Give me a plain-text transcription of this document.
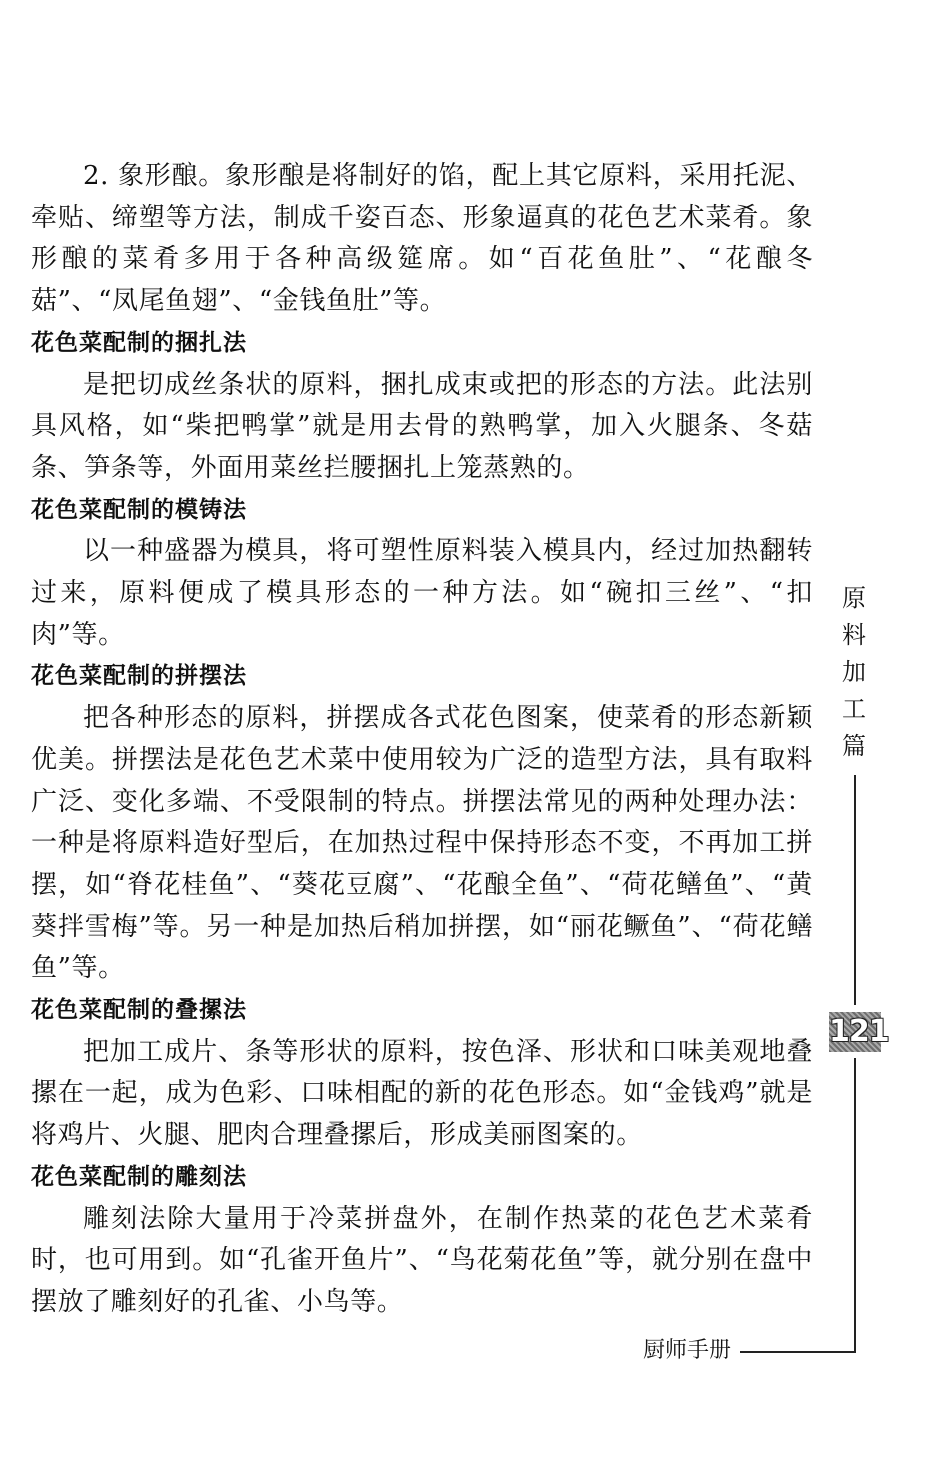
2. 象形酿。象形酿是将制好的馅，配上其它原料，采用托泥、牵贴、缔塑等方法，制成千姿百态、形象逼真的花色艺术菜肴。象形酿的菜肴多用于各种高级筵席。如“百花鱼肚”、“花酿冬菇”、“凤尾鱼翅”、“金钱鱼肚”等。

花色菜配制的捆扎法

是把切成丝条状的原料，捆扎成束或把的形态的方法。此法别具风格，如“柴把鸭掌”就是用去骨的熟鸭掌，加入火腿条、冬菇条、笋条等，外面用菜丝拦腰捆扎上笼蒸熟的。

花色菜配制的模铸法

以一种盛器为模具，将可塑性原料装入模具内，经过加热翻转过来，原料便成了模具形态的一种方法。如“碗扣三丝”、“扣肉”等。

花色菜配制的拼摆法

把各种形态的原料，拼摆成各式花色图案，使菜肴的形态新颖优美。拼摆法是花色艺术菜中使用较为广泛的造型方法，具有取料广泛、变化多端、不受限制的特点。拼摆法常见的两种处理办法：一种是将原料造好型后，在加热过程中保持形态不变，不再加工拼摆，如“脊花桂鱼”、“葵花豆腐”、“花酿全鱼”、“荷花鳝鱼”、“黄葵拌雪梅”等。另一种是加热后稍加拼摆，如“丽花鳜鱼”、“荷花鳝鱼”等。

花色菜配制的叠摞法

把加工成片、条等形状的原料，按色泽、形状和口味美观地叠摞在一起，成为色彩、口味相配的新的花色形态。如“金钱鸡”就是将鸡片、火腿、肥肉合理叠摞后，形成美丽图案的。

花色菜配制的雕刻法

雕刻法除大量用于冷菜拼盘外，在制作热菜的花色艺术菜肴时，也可用到。如“孔雀开鱼片”、“鸟花菊花鱼”等，就分别在盘中摆放了雕刻好的孔雀、小鸟等。

原
料
加
工
篇
121
厨师手册
